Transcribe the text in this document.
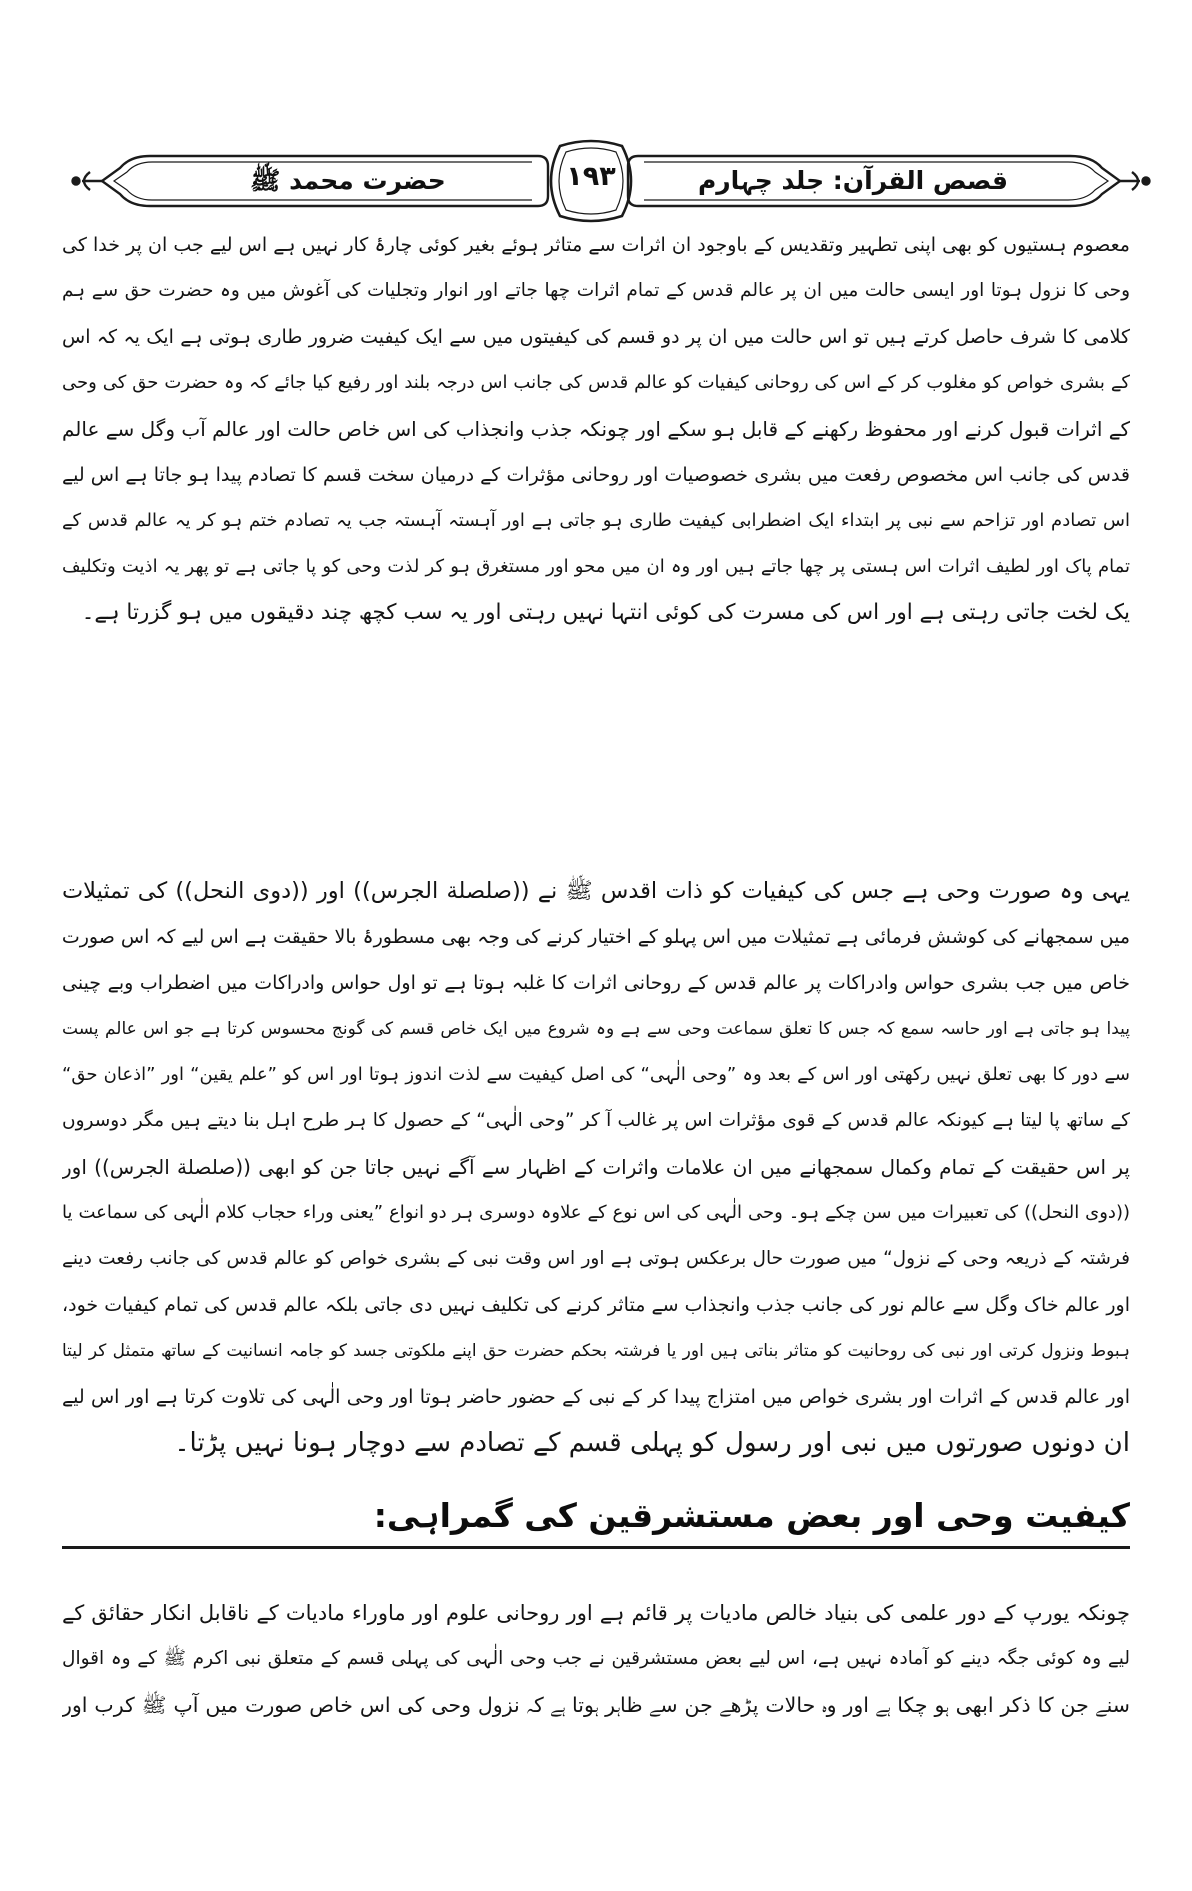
قصص القرآن: جلد چہارم
۱۹۳
حضرت محمد ﷺ
معصوم ہستیوں کو بھی اپنی تطہیر وتقدیس کے باوجود ان اثرات سے متاثر ہوئے بغیر کوئی چارۂ کار نہیں ہے اس لیے جب ان پر خدا کی
وحی کا نزول ہوتا اور ایسی حالت میں ان پر عالم قدس کے تمام اثرات چھا جاتے اور انوار وتجلیات کی آغوش میں وہ حضرت حق سے ہم
کلامی کا شرف حاصل کرتے ہیں تو اس حالت میں ان پر دو قسم کی کیفیتوں میں سے ایک کیفیت ضرور طاری ہوتی ہے ایک یہ کہ اس
کے بشری خواص کو مغلوب کر کے اس کی روحانی کیفیات کو عالم قدس کی جانب اس درجہ بلند اور رفیع کیا جائے کہ وہ حضرت حق کی وحی
کے اثرات قبول کرنے اور محفوظ رکھنے کے قابل ہو سکے اور چونکہ جذب وانجذاب کی اس خاص حالت اور عالم آب وگل سے عالم
قدس کی جانب اس مخصوص رفعت میں بشری خصوصیات اور روحانی مؤثرات کے درمیان سخت قسم کا تصادم پیدا ہو جاتا ہے اس لیے
اس تصادم اور تزاحم سے نبی پر ابتداء ایک اضطرابی کیفیت طاری ہو جاتی ہے اور آہستہ آہستہ جب یہ تصادم ختم ہو کر یہ عالم قدس کے
تمام پاک اور لطیف اثرات اس ہستی پر چھا جاتے ہیں اور وہ ان میں محو اور مستغرق ہو کر لذت وحی کو پا جاتی ہے تو پھر یہ اذیت وتکلیف
یک لخت جاتی رہتی ہے اور اس کی مسرت کی کوئی انتہا نہیں رہتی اور یہ سب کچھ چند دقیقوں میں ہو گزرتا ہے۔
یہی وہ صورت وحی ہے جس کی کیفیات کو ذات اقدس ﷺ نے ((صلصلة الجرس)) اور ((دوی النحل)) کی تمثیلات
میں سمجھانے کی کوشش فرمائی ہے تمثیلات میں اس پہلو کے اختیار کرنے کی وجہ بھی مسطورۂ بالا حقیقت ہے اس لیے کہ اس صورت
خاص میں جب بشری حواس وادراکات پر عالم قدس کے روحانی اثرات کا غلبہ ہوتا ہے تو اول حواس وادراکات میں اضطراب وبے چینی
پیدا ہو جاتی ہے اور حاسہ سمع کہ جس کا تعلق سماعت وحی سے ہے وہ شروع میں ایک خاص قسم کی گونج محسوس کرتا ہے جو اس عالم پست
سے دور کا بھی تعلق نہیں رکھتی اور اس کے بعد وہ ”وحی الٰہی“ کی اصل کیفیت سے لذت اندوز ہوتا اور اس کو ”علم یقین“ اور ”اذعان حق“
کے ساتھ پا لیتا ہے کیونکہ عالم قدس کے قوی مؤثرات اس پر غالب آ کر ”وحی الٰہی“ کے حصول کا ہر طرح اہل بنا دیتے ہیں مگر دوسروں
پر اس حقیقت کے تمام وکمال سمجھانے میں ان علامات واثرات کے اظہار سے آگے نہیں جاتا جن کو ابھی ((صلصلة الجرس)) اور
((دوی النحل)) کی تعبیرات میں سن چکے ہو۔ وحی الٰہی کی اس نوع کے علاوہ دوسری ہر دو انواع ”یعنی وراء حجاب کلام الٰہی کی سماعت یا
فرشتہ کے ذریعہ وحی کے نزول“ میں صورت حال برعکس ہوتی ہے اور اس وقت نبی کے بشری خواص کو عالم قدس کی جانب رفعت دینے
اور عالم خاک وگل سے عالم نور کی جانب جذب وانجذاب سے متاثر کرنے کی تکلیف نہیں دی جاتی بلکہ عالم قدس کی تمام کیفیات خود،
ہبوط ونزول کرتی اور نبی کی روحانیت کو متاثر بناتی ہیں اور یا فرشتہ بحکم حضرت حق اپنے ملکوتی جسد کو جامہ انسانیت کے ساتھ متمثل کر لیتا
اور عالم قدس کے اثرات اور بشری خواص میں امتزاج پیدا کر کے نبی کے حضور حاضر ہوتا اور وحی الٰہی کی تلاوت کرتا ہے اور اس لیے
ان دونوں صورتوں میں نبی اور رسول کو پہلی قسم کے تصادم سے دوچار ہونا نہیں پڑتا۔
کیفیت وحی اور بعض مستشرقین کی گمراہی:
چونکہ یورپ کے دور علمی کی بنیاد خالص مادیات پر قائم ہے اور روحانی علوم اور ماوراء مادیات کے ناقابل انکار حقائق کے
لیے وہ کوئی جگہ دینے کو آمادہ نہیں ہے، اس لیے بعض مستشرقین نے جب وحی الٰہی کی پہلی قسم کے متعلق نبی اکرم ﷺ کے وہ اقوال
سنے جن کا ذکر ابھی ہو چکا ہے اور وہ حالات پڑھے جن سے ظاہر ہوتا ہے کہ نزول وحی کی اس خاص صورت میں آپ ﷺ کرب اور
